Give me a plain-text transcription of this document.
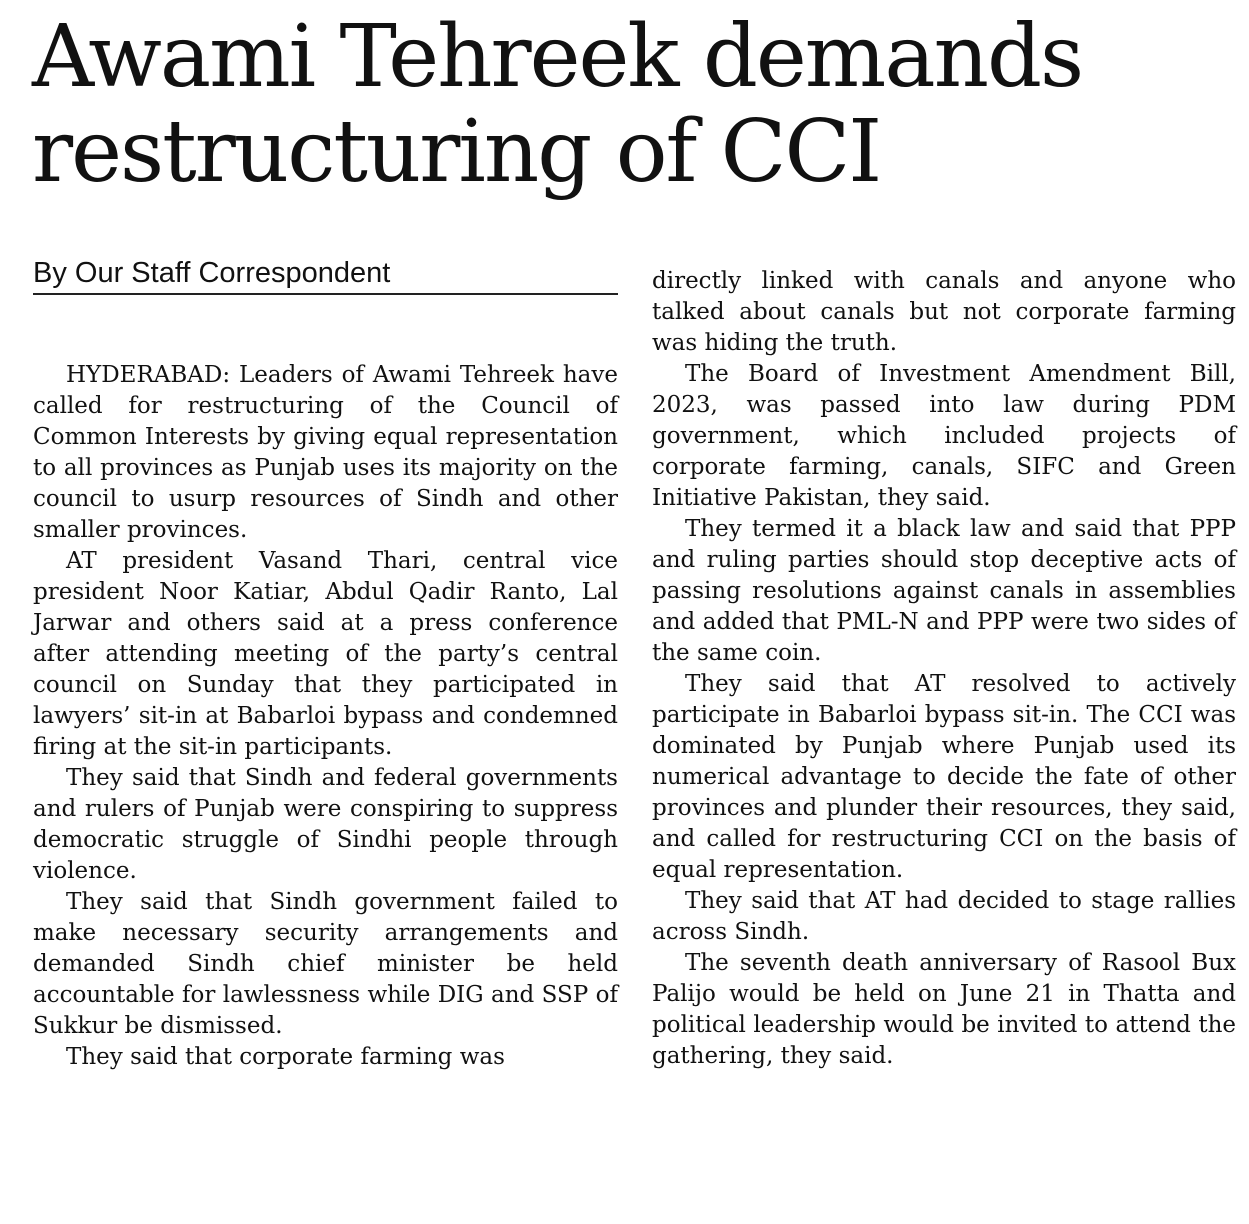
Awami Tehreek demands
restructuring of CCI
By Our Staff Correspondent

HYDERABAD: Leaders of Awami Tehreek have called for restructuring of the Council of Common Interests by giving equal representation to all provinces as Punjab uses its majority on the council to usurp resources of Sindh and other smaller provinces.

AT president Vasand Thari, central vice president Noor Katiar, Abdul Qadir Ranto, Lal Jarwar and others said at a press conference after attending meeting of the party’s central council on Sunday that they participated in lawyers’ sit-in at Babarloi bypass and condemned firing at the sit-in participants.

They said that Sindh and federal governments and rulers of Punjab were conspiring to suppress democratic struggle of Sindhi people through violence.

They said that Sindh government failed to make necessary security arrangements and demanded Sindh chief minister be held accountable for lawlessness while DIG and SSP of Sukkur be dismissed.

They said that corporate farming was

directly linked with canals and anyone who talked about canals but not corporate farming was hiding the truth.

The Board of Investment Amendment Bill, 2023, was passed into law during PDM government, which included projects of corporate farming, canals, SIFC and Green Initiative Pakistan, they said.

They termed it a black law and said that PPP and ruling parties should stop deceptive acts of passing resolutions against canals in assemblies and added that PML-N and PPP were two sides of the same coin.

They said that AT resolved to actively participate in Babarloi bypass sit-in. The CCI was dominated by Punjab where Punjab used its numerical advantage to decide the fate of other provinces and plunder their resources, they said, and called for restructuring CCI on the basis of equal representation.

They said that AT had decided to stage rallies across Sindh.

The seventh death anniversary of Rasool Bux Palijo would be held on June 21 in Thatta and political leadership would be invited to attend the gathering, they said.
